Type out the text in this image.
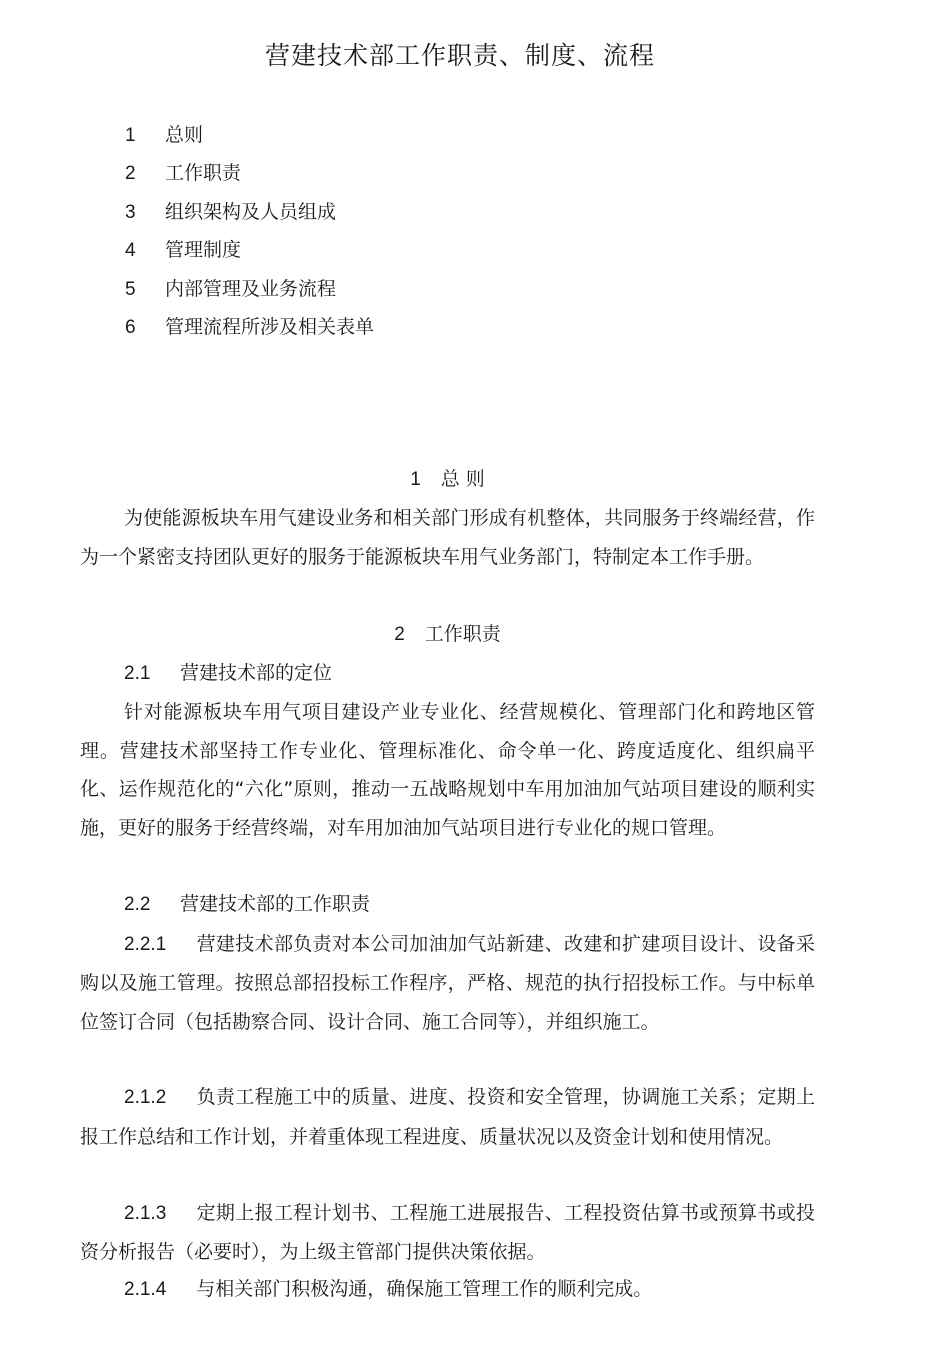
营建技术部工作职责、制度、流程
1 总则
2 工作职责
3 组织架构及人员组成
4 管理制度
5 内部管理及业务流程
6 管理流程所涉及相关表单

1 总 则

为使能源板块车用气建设业务和相关部门形成有机整体，共同服务于终端经营，作为一个紧密支持团队更好的服务于能源板块车用气业务部门，特制定本工作手册。

2 工作职责

2.1 营建技术部的定位

针对能源板块车用气项目建设产业专业化、经营规模化、管理部门化和跨地区管理。营建技术部坚持工作专业化、管理标准化、命令单一化、跨度适度化、组织扁平化、运作规范化的“六化”原则，推动一五战略规划中车用加油加气站项目建设的顺利实施，更好的服务于经营终端，对车用加油加气站项目进行专业化的规口管理。

2.2 营建技术部的工作职责

2.2.1 营建技术部负责对本公司加油加气站新建、改建和扩建项目设计、设备采购以及施工管理。按照总部招投标工作程序，严格、规范的执行招投标工作。与中标单位签订合同（包括勘察合同、设计合同、施工合同等），并组织施工。

2.1.2 负责工程施工中的质量、进度、投资和安全管理，协调施工关系；定期上报工作总结和工作计划，并着重体现工程进度、质量状况以及资金计划和使用情况。

2.1.3 定期上报工程计划书、工程施工进展报告、工程投资估算书或预算书或投资分析报告（必要时），为上级主管部门提供决策依据。

2.1.4 与相关部门积极沟通，确保施工管理工作的顺利完成。
